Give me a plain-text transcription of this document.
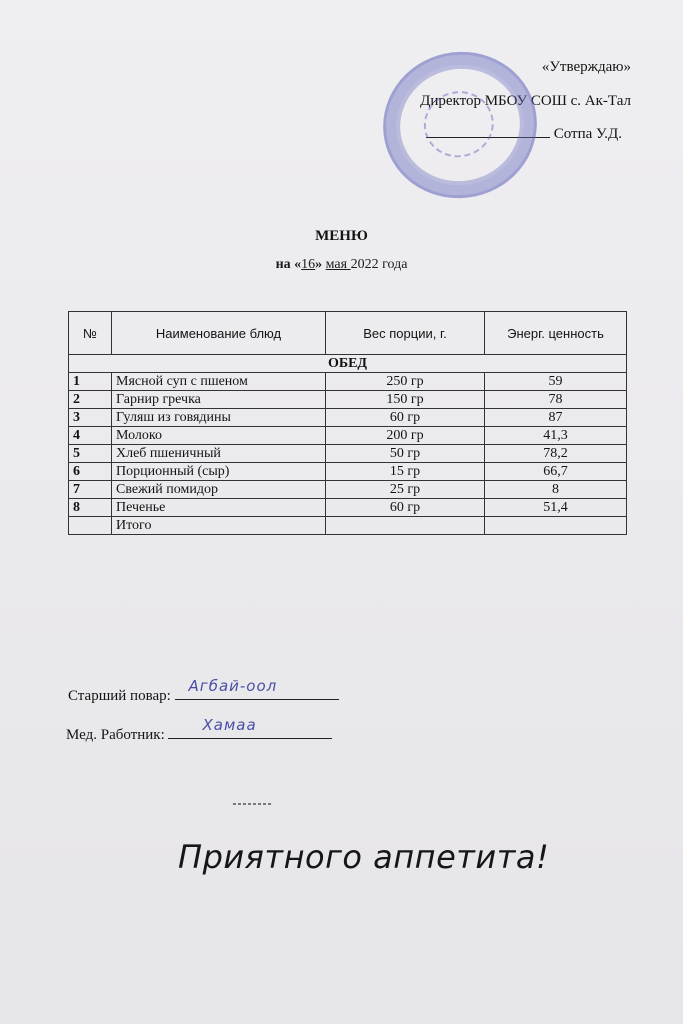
«Утверждаю»
Директор МБОУ СОШ с. Ак-Тал
Сотпа У.Д.
МЕНЮ
на «16» мая 2022 года
№	Наименование блюд	Вес порции, г.	Энерг. ценность
ОБЕД			
1	Мясной суп с пшеном	250 гр	59
2	Гарнир гречка	150 гр	78
3	Гуляш из говядины	60 гр	87
4	Молоко	200 гр	41,3
5	Хлеб пшеничный	50 гр	78,2
6	Порционный (сыр)	15 гр	66,7
7	Свежий помидор	25 гр	8
8	Печенье	60 гр	51,4
	Итого		
Старший повар:
Агбай-оол
Мед. Работник:
Хамаа
Приятного аппетита!
